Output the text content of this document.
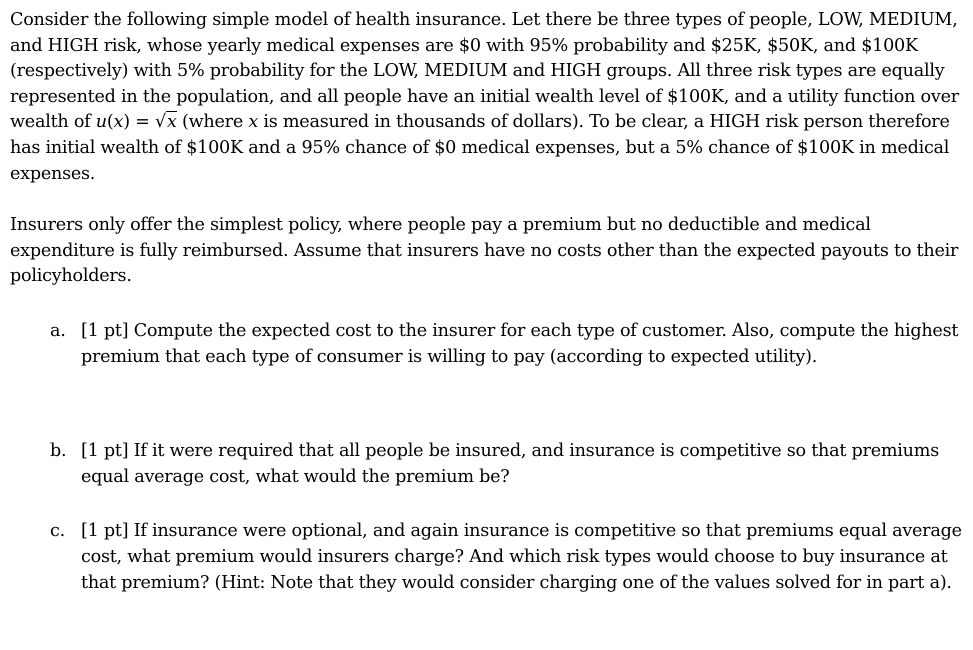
Consider the following simple model of health insurance. Let there be three types of people, LOW, MEDIUM, and HIGH risk, whose yearly medical expenses are $0 with 95% probability and $25K, $50K, and $100K (respectively) with 5% probability for the LOW, MEDIUM and HIGH groups. All three risk types are equally represented in the population, and all people have an initial wealth level of $100K, and a utility function over wealth of u(x) = √x (where x is measured in thousands of dollars). To be clear, a HIGH risk person therefore has initial wealth of $100K and a 95% chance of $0 medical expenses, but a 5% chance of $100K in medical expenses.

Insurers only offer the simplest policy, where people pay a premium but no deductible and medical expenditure is fully reimbursed. Assume that insurers have no costs other than the expected payouts to their policyholders.

a. [1 pt] Compute the expected cost to the insurer for each type of customer. Also, compute the highest premium that each type of consumer is willing to pay (according to expected utility).
b. [1 pt] If it were required that all people be insured, and insurance is competitive so that premiums equal average cost, what would the premium be?
c. [1 pt] If insurance were optional, and again insurance is competitive so that premiums equal average cost, what premium would insurers charge? And which risk types would choose to buy insurance at that premium? (Hint: Note that they would consider charging one of the values solved for in part a).
